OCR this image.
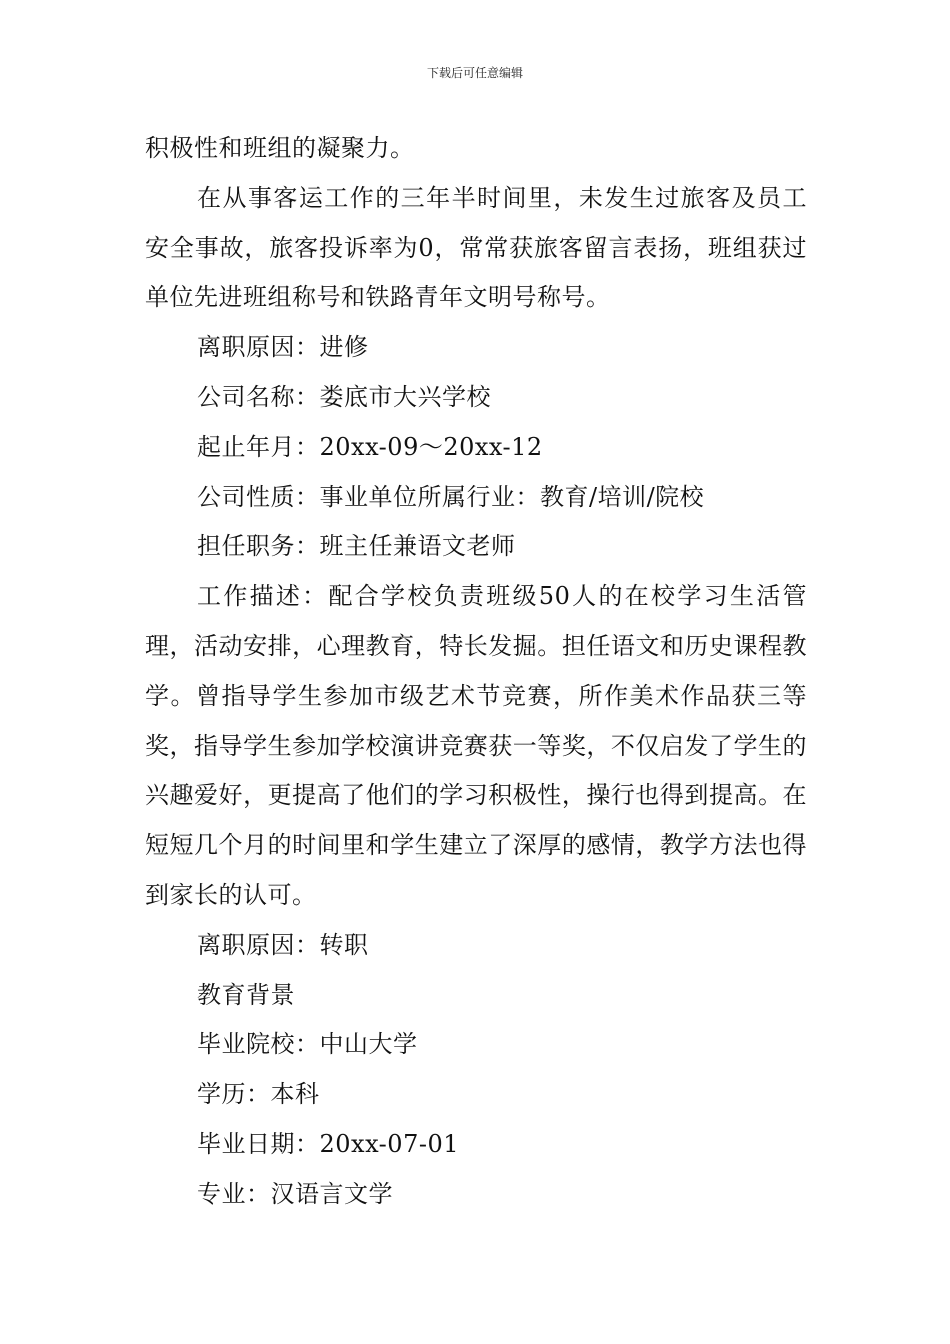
下载后可任意编辑

积极性和班组的凝聚力。

在从事客运工作的三年半时间里，未发生过旅客及员工安全事故，旅客投诉率为0，常常获旅客留言表扬，班组获过单位先进班组称号和铁路青年文明号称号。

离职原因：进修

公司名称：娄底市大兴学校

起止年月：20xx-09～20xx-12

公司性质：事业单位所属行业：教育/培训/院校

担任职务：班主任兼语文老师

工作描述：配合学校负责班级50人的在校学习生活管理，活动安排，心理教育，特长发掘。担任语文和历史课程教学。曾指导学生参加市级艺术节竞赛，所作美术作品获三等奖，指导学生参加学校演讲竞赛获一等奖，不仅启发了学生的兴趣爱好，更提高了他们的学习积极性，操行也得到提高。在短短几个月的时间里和学生建立了深厚的感情，教学方法也得到家长的认可。

离职原因：转职

教育背景

毕业院校：中山大学

学历：本科

毕业日期：20xx-07-01

专业：汉语言文学
